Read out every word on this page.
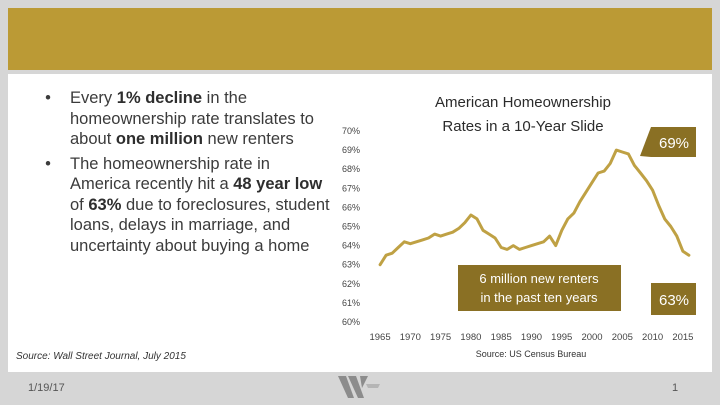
• Every 1% decline in the homeownership rate translates to about one million new renters
• The homeownership rate in America recently hit a 48 year low of 63% due to foreclosures, student loans, delays in marriage, and uncertainty about buying a home
Source: Wall Street Journal, July 2015
American Homeownership
Rates in a 10-Year Slide
60%
61%
62%
63%
64%
65%
66%
67%
68%
69%
70%
1965 1970 1975 1980 1985 1990 1995 2000 2005 2010 2015
Source: US Census Bureau
69%
63%
6 million new renters
in the past ten years
1/19/17	1
